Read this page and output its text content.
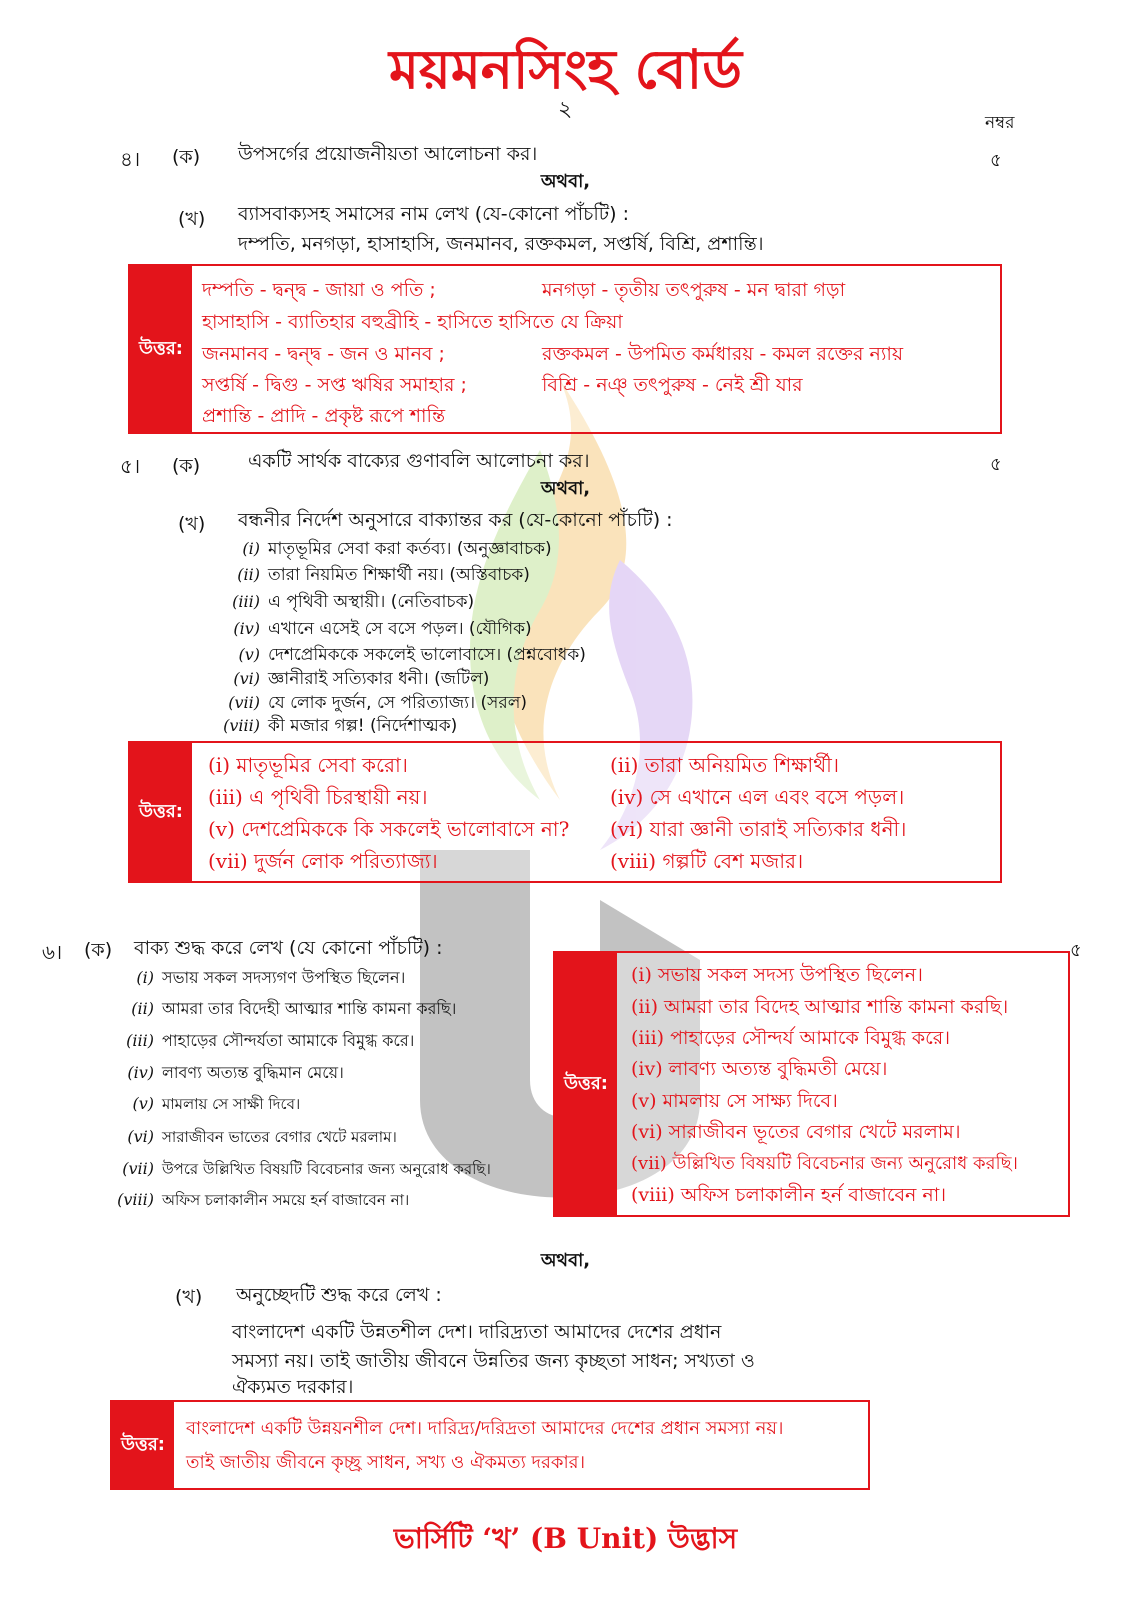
ময়মনসিংহ বোর্ড
২
নম্বর
৪। (ক) উপসর্গের প্রয়োজনীয়তা আলোচনা কর।	৫
অথবা,
(খ) ব্যাসবাক্যসহ সমাসের নাম লেখ (যে-কোনো পাঁচটি) :
দম্পতি, মনগড়া, হাসাহাসি, জনমানব, রক্তকমল, সপ্তর্ষি, বিশ্রি, প্রশান্তি।
উত্তর:
দম্পতি - দ্বন্দ্ব - জায়া ও পতি ;	মনগড়া - তৃতীয় তৎপুরুষ - মন দ্বারা গড়া
হাসাহাসি - ব্যাতিহার বহুব্রীহি - হাসিতে হাসিতে যে ক্রিয়া
জনমানব - দ্বন্দ্ব - জন ও মানব ;	রক্তকমল - উপমিত কর্মধারয় - কমল রক্তের ন্যায়
সপ্তর্ষি - দ্বিগু - সপ্ত ঋষির সমাহার ;	বিশ্রি - নঞ্ তৎপুরুষ - নেই শ্রী যার
প্রশান্তি - প্রাদি - প্রকৃষ্ট রূপে শান্তি
৫। (ক)	একটি সার্থক বাক্যের গুণাবলি আলোচনা কর।	৫
অথবা,
(খ) বন্ধনীর নির্দেশ অনুসারে বাক্যান্তর কর (যে-কোনো পাঁচটি) :
(i) মাতৃভূমির সেবা করা কর্তব্য। (অনুজ্ঞাবাচক)
(ii) তারা নিয়মিত শিক্ষার্থী নয়। (অস্তিবাচক)
(iii) এ পৃথিবী অস্থায়ী। (নেতিবাচক)
(iv) এখানে এসেই সে বসে পড়ল। (যৌগিক)
(v) দেশপ্রেমিককে সকলেই ভালোবাসে। (প্রশ্নবোধক)
(vi) জ্ঞানীরাই সত্যিকার ধনী। (জটিল)
(vii) যে লোক দুর্জন, সে পরিত্যাজ্য। (সরল)
(viii) কী মজার গল্প! (নির্দেশাত্মক)
উত্তর:
(i) মাতৃভূমির সেবা করো।	(ii) তারা অনিয়মিত শিক্ষার্থী।
(iii) এ পৃথিবী চিরস্থায়ী নয়।	(iv) সে এখানে এল এবং বসে পড়ল।
(v) দেশপ্রেমিককে কি সকলেই ভালোবাসে না? (vi) যারা জ্ঞানী তারাই সত্যিকার ধনী।
(vii) দুর্জন লোক পরিত্যাজ্য।	(viii) গল্পটি বেশ মজার।
৬। (ক) বাক্য শুদ্ধ করে লেখ (যে কোনো পাঁচটি) :	৫
(i) সভায় সকল সদস্যগণ উপস্থিত ছিলেন।
(ii) আমরা তার বিদেহী আত্মার শান্তি কামনা করছি।
(iii) পাহাড়ের সৌন্দর্যতা আমাকে বিমুগ্ধ করে।
(iv) লাবণ্য অত্যন্ত বুদ্ধিমান মেয়ে।
(v) মামলায় সে সাক্ষী দিবে।
(vi) সারাজীবন ভাতের বেগার খেটে মরলাম।
(vii) উপরে উল্লিখিত বিষয়টি বিবেচনার জন্য অনুরোধ করছি।
(viii) অফিস চলাকালীন সময়ে হর্ন বাজাবেন না।
উত্তর:
(i) সভায় সকল সদস্য উপস্থিত ছিলেন।
(ii) আমরা তার বিদেহ আত্মার শান্তি কামনা করছি।
(iii) পাহাড়ের সৌন্দর্য আমাকে বিমুগ্ধ করে।
(iv) লাবণ্য অত্যন্ত বুদ্ধিমতী মেয়ে।
(v) মামলায় সে সাক্ষ্য দিবে।
(vi) সারাজীবন ভূতের বেগার খেটে মরলাম।
(vii) উল্লিখিত বিষয়টি বিবেচনার জন্য অনুরোধ করছি।
(viii) অফিস চলাকালীন হর্ন বাজাবেন না।
অথবা,
(খ) অনুচ্ছেদটি শুদ্ধ করে লেখ :
বাংলাদেশ একটি উন্নতশীল দেশ। দারিদ্র্যতা আমাদের দেশের প্রধান
সমস্যা নয়। তাই জাতীয় জীবনে উন্নতির জন্য কৃচ্ছতা সাধন; সখ্যতা ও
ঐক্যমত দরকার।
উত্তর:
বাংলাদেশ একটি উন্নয়নশীল দেশ। দারিদ্র্য/দরিদ্রতা আমাদের দেশের প্রধান সমস্যা নয়।
তাই জাতীয় জীবনে কৃচ্ছ্র সাধন, সখ্য ও ঐকমত্য দরকার।
ভার্সিটি ‘খ’ (B Unit) উদ্ভাস
